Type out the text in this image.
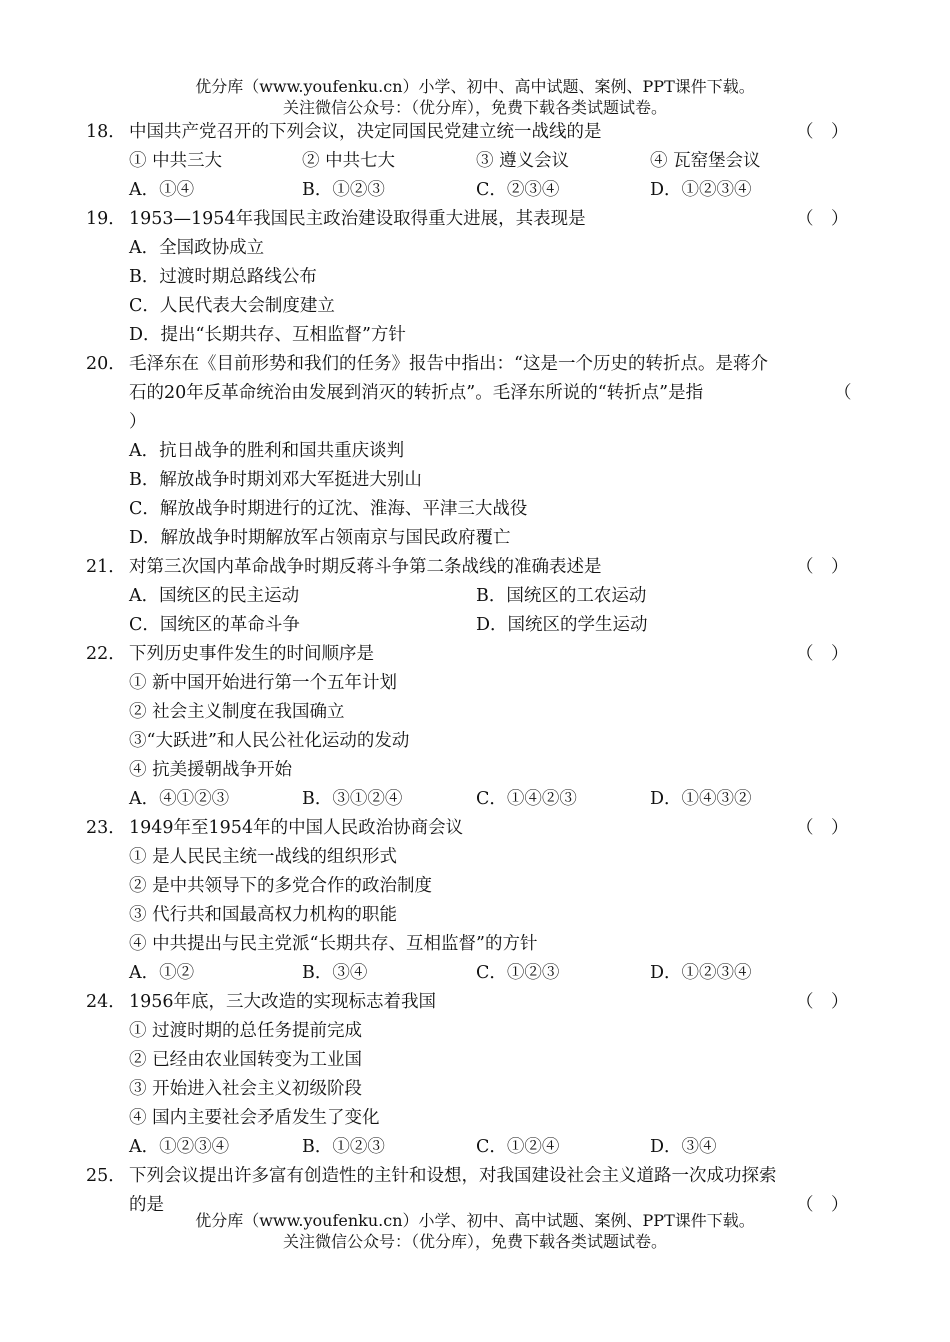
优分库（www.youfenku.cn）小学、初中、高中试题、案例、PPT课件下载。
关注微信公众号：（优分库），免费下载各类试题试卷。
18． 中国共产党召开的下列会议，决定同国民党建立统一战线的是	（　）
① 中共三大	② 中共七大	③ 遵义会议	④ 瓦窑堡会议
A．①④	B．①②③	C．②③④	D．①②③④
19． 1953—1954年我国民主政治建设取得重大进展，其表现是	（　）
A．全国政协成立
B．过渡时期总路线公布
C．人民代表大会制度建立
D．提出“长期共存、互相监督”方针
20． 毛泽东在《目前形势和我们的任务》报告中指出：“这是一个历史的转折点。是蒋介
石的20年反革命统治由发展到消灭的转折点”。毛泽东所说的“转折点”是指	（
）
A．抗日战争的胜利和国共重庆谈判
B．解放战争时期刘邓大军挺进大别山
C．解放战争时期进行的辽沈、淮海、平津三大战役
D．解放战争时期解放军占领南京与国民政府覆亡
21． 对第三次国内革命战争时期反蒋斗争第二条战线的准确表述是	（　）
A．国统区的民主运动	B．国统区的工农运动
C．国统区的革命斗争	D．国统区的学生运动
22． 下列历史事件发生的时间顺序是	（　）
① 新中国开始进行第一个五年计划
② 社会主义制度在我国确立
③“大跃进”和人民公社化运动的发动
④ 抗美援朝战争开始
A．④①②③	B．③①②④	C．①④②③	D．①④③②
23． 1949年至1954年的中国人民政治协商会议	（　）
① 是人民民主统一战线的组织形式
② 是中共领导下的多党合作的政治制度
③ 代行共和国最高权力机构的职能
④ 中共提出与民主党派“长期共存、互相监督”的方针
A．①②	B．③④	C．①②③	D．①②③④
24． 1956年底，三大改造的实现标志着我国	（　）
① 过渡时期的总任务提前完成
② 已经由农业国转变为工业国
③ 开始进入社会主义初级阶段
④ 国内主要社会矛盾发生了变化
A．①②③④	B．①②③	C．①②④	D．③④
25． 下列会议提出许多富有创造性的主针和设想，对我国建设社会主义道路一次成功探索
的是	（　）
优分库（www.youfenku.cn）小学、初中、高中试题、案例、PPT课件下载。
关注微信公众号：（优分库），免费下载各类试题试卷。
